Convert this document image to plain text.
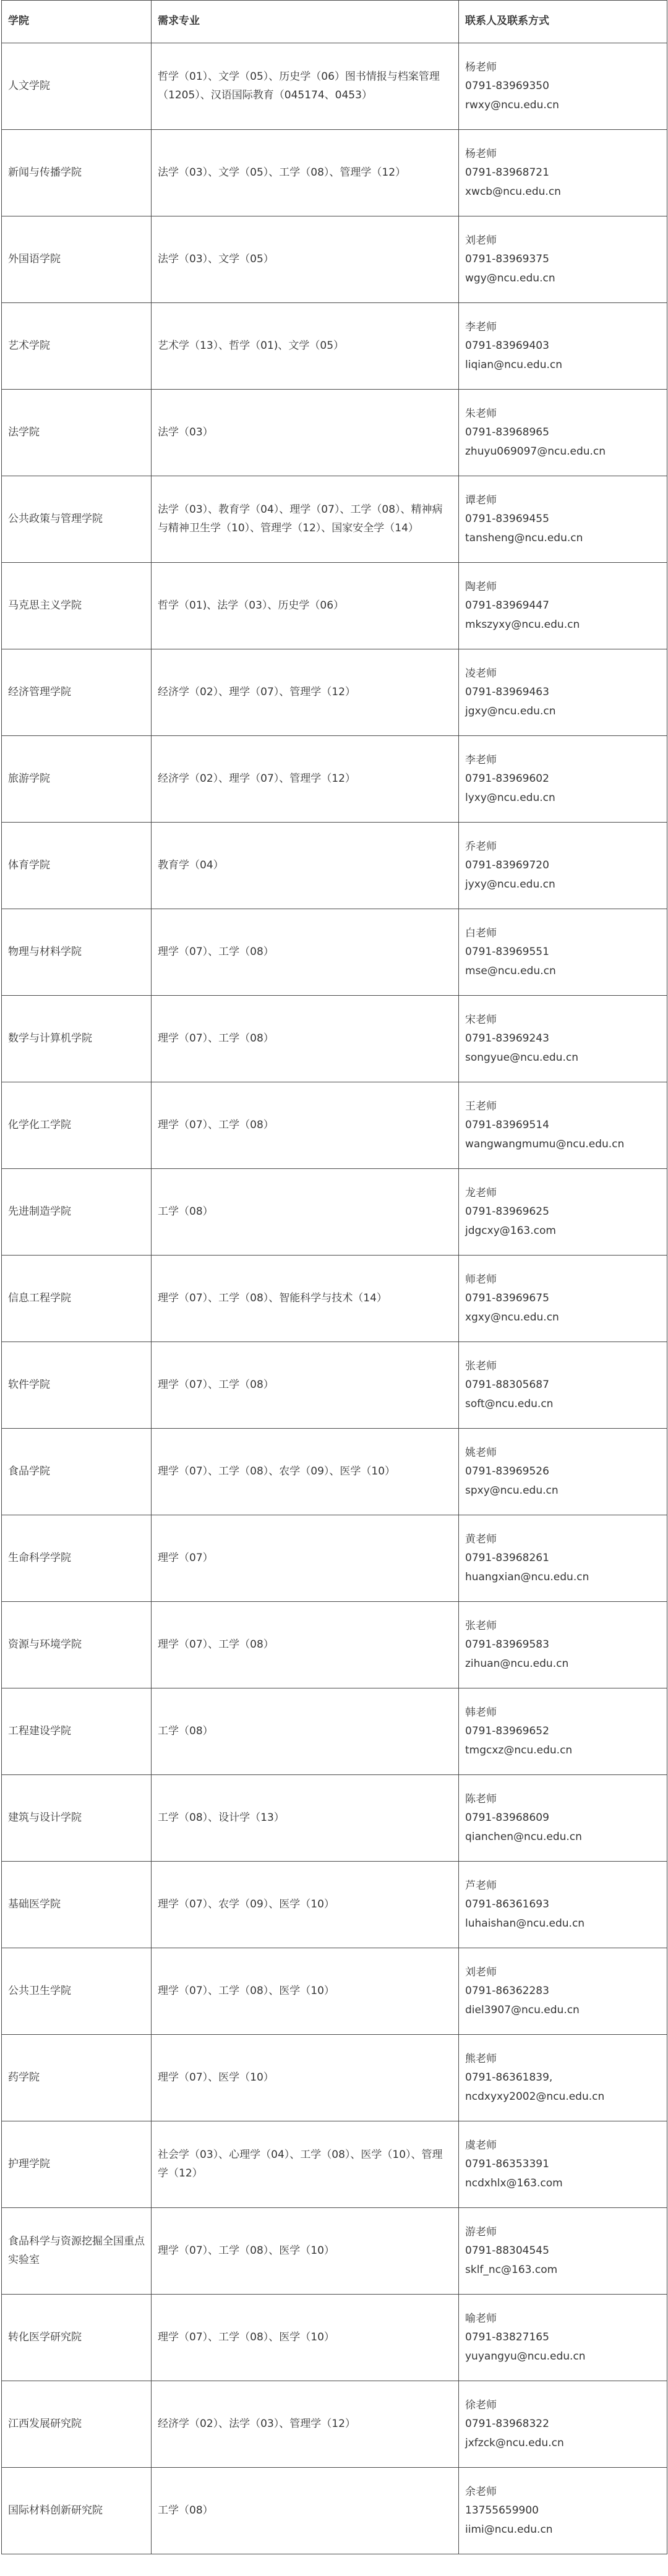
学院	需求专业	联系人及联系方式
人文学院	哲学（01）、文学（05）、历史学（06）图书情报与档案管理（1205）、汉语国际教育（045174、0453）	杨老师
0791-83969350
rwxy@ncu.edu.cn

新闻与传播学院	法学（03）、文学（05）、工学（08）、管理学（12）	杨老师
0791-83968721
xwcb@ncu.edu.cn

外国语学院	法学（03）、文学（05）	刘老师
0791-83969375
wgy@ncu.edu.cn

艺术学院	艺术学（13）、哲学（01)、文学（05）	李老师
0791-83969403
liqian@ncu.edu.cn

法学院	法学（03）	朱老师
0791-83968965
zhuyu069097@ncu.edu.cn

公共政策与管理学院	法学（03）、教育学（04）、理学（07）、工学（08）、精神病与精神卫生学（10）、管理学（12）、国家安全学（14）	谭老师
0791-83969455
tansheng@ncu.edu.cn

马克思主义学院	哲学（01)、法学（03）、历史学（06）	陶老师
0791-83969447
mkszyxy@ncu.edu.cn

经济管理学院	经济学（02）、理学（07）、管理学（12）	凌老师
0791-83969463
jgxy@ncu.edu.cn

旅游学院	经济学（02）、理学（07）、管理学（12）	李老师
0791-83969602
lyxy@ncu.edu.cn

体育学院	教育学（04）	乔老师
0791-83969720
jyxy@ncu.edu.cn

物理与材料学院	理学（07）、工学（08）	白老师
0791-83969551
mse@ncu.edu.cn

数学与计算机学院	理学（07）、工学（08）	宋老师
0791-83969243
songyue@ncu.edu.cn

化学化工学院	理学（07）、工学（08）	王老师
0791-83969514
wangwangmumu@ncu.edu.cn

先进制造学院	工学（08）	龙老师
0791-83969625
jdgcxy@163.com

信息工程学院	理学（07）、工学（08）、智能科学与技术（14）	师老师
0791-83969675
xgxy@ncu.edu.cn

软件学院	理学（07）、工学（08）	张老师
0791-88305687
soft@ncu.edu.cn

食品学院	理学（07）、工学（08）、农学（09）、医学（10）	姚老师
0791-83969526
spxy@ncu.edu.cn

生命科学学院	理学（07）	黄老师
0791-83968261
huangxian@ncu.edu.cn

资源与环境学院	理学（07）、工学（08）	张老师
0791-83969583
zihuan@ncu.edu.cn

工程建设学院	工学（08）	韩老师
0791-83969652
tmgcxz@ncu.edu.cn

建筑与设计学院	工学（08）、设计学（13）	陈老师
0791-83968609
qianchen@ncu.edu.cn

基础医学院	理学（07）、农学（09）、医学（10）	芦老师
0791-86361693
luhaishan@ncu.edu.cn

公共卫生学院	理学（07）、工学（08）、医学（10）	刘老师
0791-86362283
diel3907@ncu.edu.cn

药学院	理学（07）、医学（10）	熊老师
0791-86361839,
ncdxyxy2002@ncu.edu.cn

护理学院	社会学（03）、心理学（04）、工学（08）、医学（10）、管理学（12）	虞老师
0791-86353391
ncdxhlx@163.com

食品科学与资源挖掘全国重点实验室	理学（07）、工学（08）、医学（10）	游老师
0791-88304545
sklf_nc@163.com

转化医学研究院	理学（07）、工学（08）、医学（10）	喻老师
0791-83827165
yuyangyu@ncu.edu.cn

江西发展研究院	经济学（02）、法学（03）、管理学（12）	徐老师
0791-83968322
jxfzck@ncu.edu.cn

国际材料创新研究院	工学（08）	余老师
13755659900
iimi@ncu.edu.cn
